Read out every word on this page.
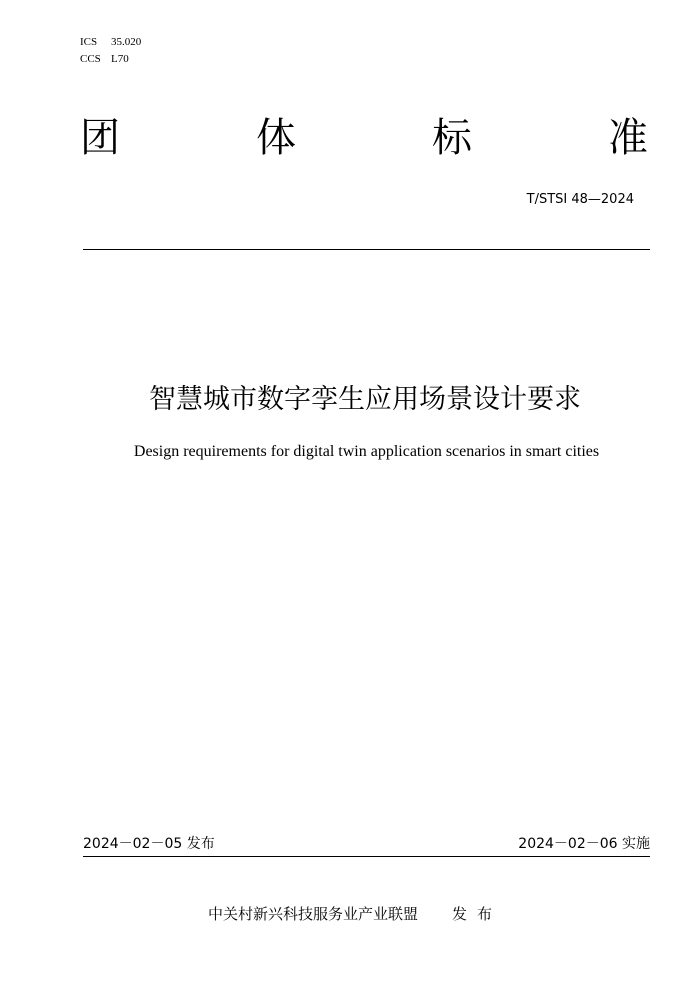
ICS 35.020
CCS L70
团	体	标	准
T/STSI 48—2024
智慧城市数字孪生应用场景设计要求
Design requirements for digital twin application scenarios in smart cities
2024－02－05 发布	2024－02－06 实施
中关村新兴科技服务业产业联盟 发 布
